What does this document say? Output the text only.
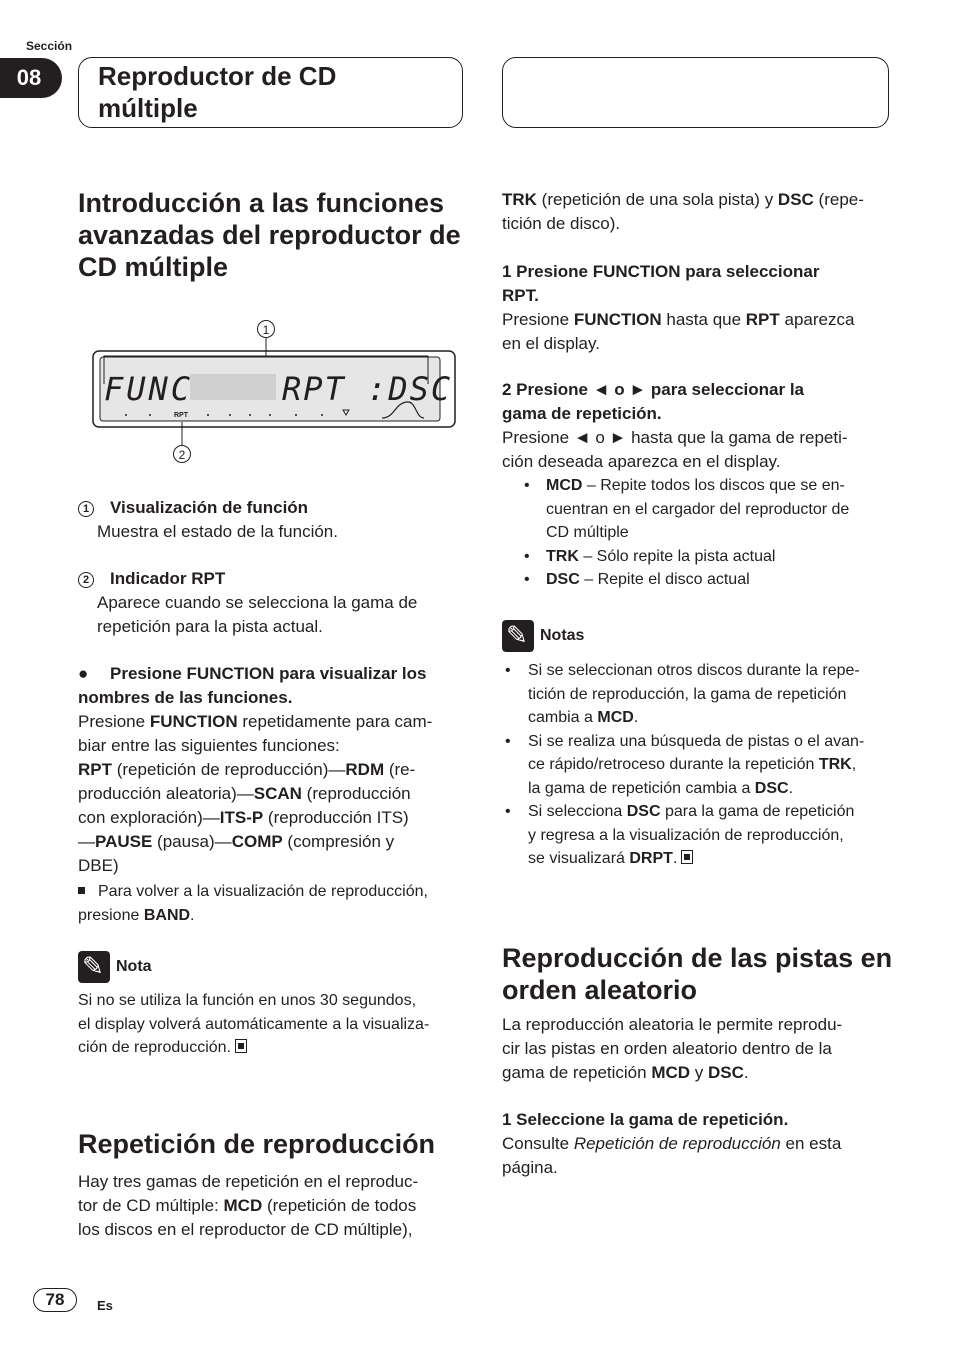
Sección
08	Reproductor de CD múltiple
Introducción a las funciones avanzadas del reproductor de CD múltiple
1
FUNC	RPT :DSC
RPT
2
1 Visualización de función
Muestra el estado de la función.
2 Indicador RPT
Aparece cuando se selecciona la gama de
repetición para la pista actual.
● Presione FUNCTION para visualizar los
nombres de las funciones.
Presione FUNCTION repetidamente para cam-
biar entre las siguientes funciones:
RPT (repetición de reproducción)—RDM (re-
producción aleatoria)—SCAN (reproducción
con exploración)—ITS-P (reproducción ITS)
—PAUSE (pausa)—COMP (compresión y
DBE)
Para volver a la visualización de reproducción,
presione BAND.
✎Nota
Si no se utiliza la función en unos 30 segundos,
el display volverá automáticamente a la visualiza-
ción de reproducción.
Repetición de reproducción
Hay tres gamas de repetición en el reproduc-
tor de CD múltiple: MCD (repetición de todos
los discos en el reproductor de CD múltiple),
TRK (repetición de una sola pista) y DSC (repe-
tición de disco).
1 Presione FUNCTION para seleccionar
RPT.
Presione FUNCTION hasta que RPT aparezca
en el display.
2 Presione ◄ o ► para seleccionar la
gama de repetición.
Presione ◄ o ► hasta que la gama de repeti-
ción deseada aparezca en el display.
• MCD – Repite todos los discos que se en-
cuentran en el cargador del reproductor de
CD múltiple
• TRK – Sólo repite la pista actual
• DSC – Repite el disco actual
✎Notas
• Si se seleccionan otros discos durante la repe-
tición de reproducción, la gama de repetición
cambia a MCD.
• Si se realiza una búsqueda de pistas o el avan-
ce rápido/retroceso durante la repetición TRK,
la gama de repetición cambia a DSC.
• Si selecciona DSC para la gama de repetición
y regresa a la visualización de reproducción,
se visualizará DRPT.
Reproducción de las pistas en orden aleatorio
La reproducción aleatoria le permite reprodu-
cir las pistas en orden aleatorio dentro de la
gama de repetición MCD y DSC.
1 Seleccione la gama de repetición.
Consulte Repetición de reproducción en esta
página.
78	Es
